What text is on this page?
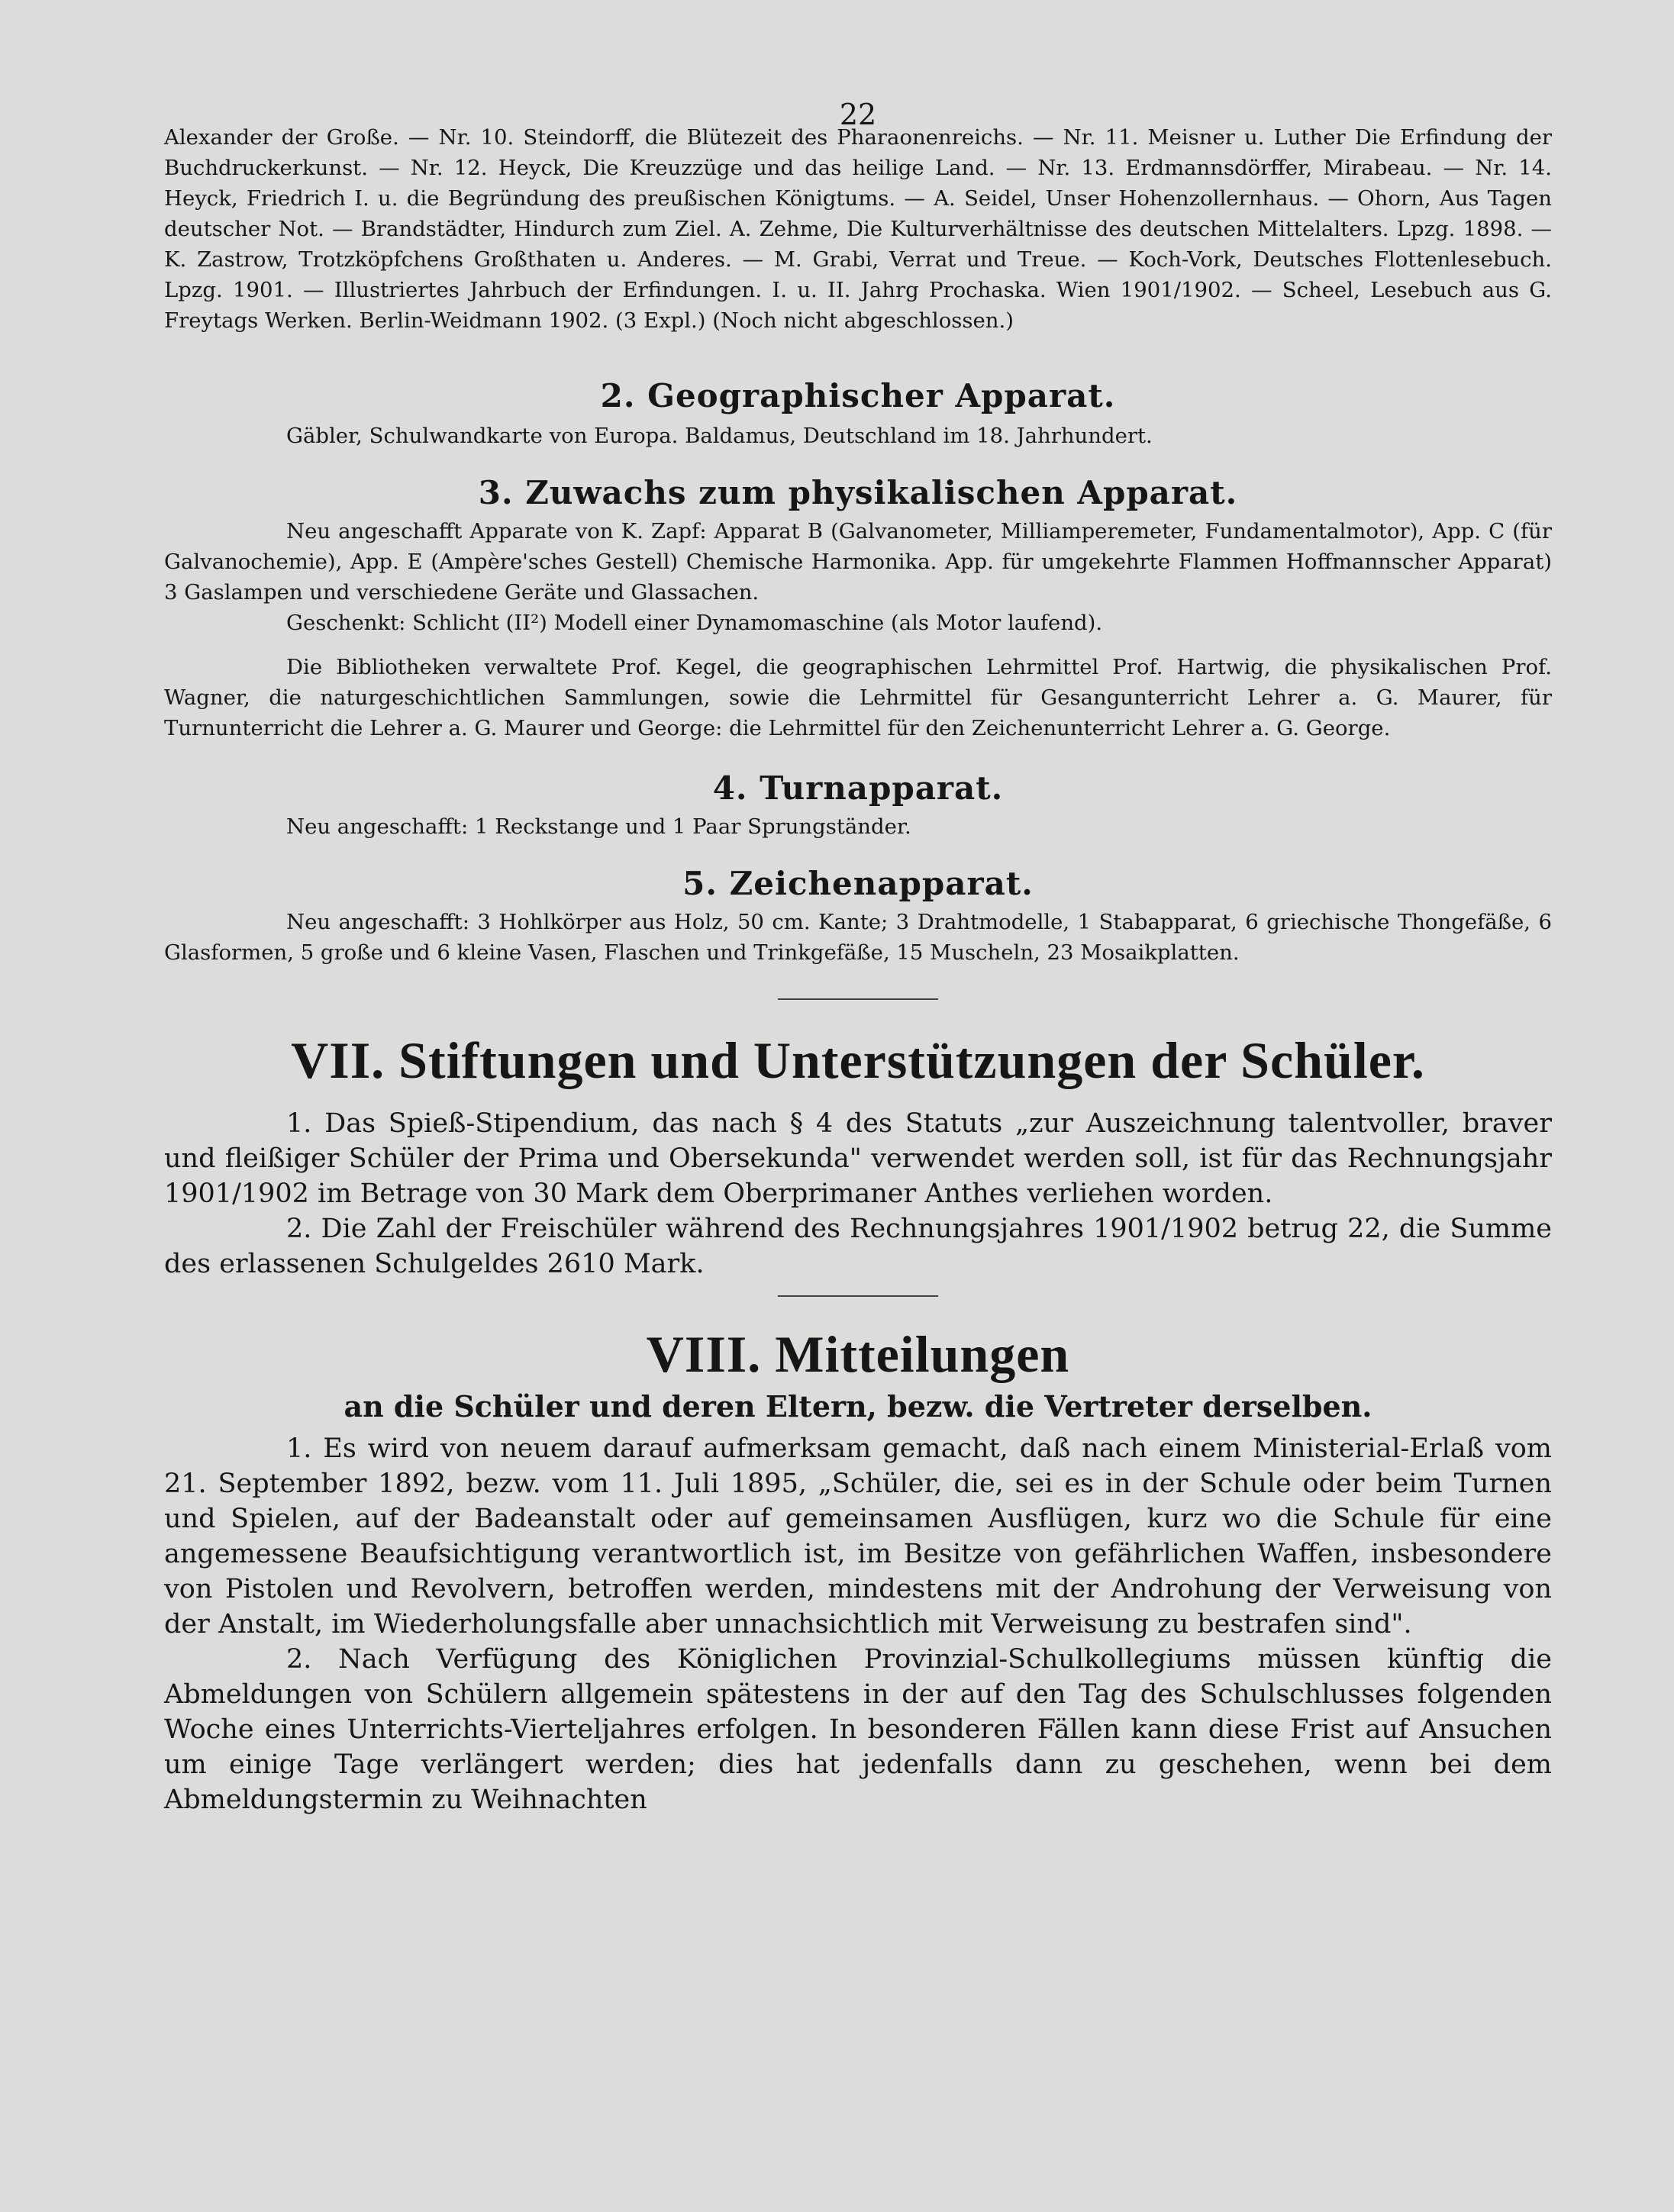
22

Alexander der Große. — Nr. 10. Steindorff, die Blütezeit des Pharaonenreichs. — Nr. 11. Meisner u. Luther Die Erfindung der Buchdruckerkunst. — Nr. 12. Heyck, Die Kreuzzüge und das heilige Land. — Nr. 13. Erdmannsdörffer, Mirabeau. — Nr. 14. Heyck, Friedrich I. u. die Begründung des preußischen Königtums. — A. Seidel, Unser Hohenzollernhaus. — Ohorn, Aus Tagen deutscher Not. — Brandstädter, Hindurch zum Ziel. A. Zehme, Die Kulturverhältnisse des deutschen Mittelalters. Lpzg. 1898. — K. Zastrow, Trotzköpfchens Großthaten u. Anderes. — M. Grabi, Verrat und Treue. — Koch-Vork, Deutsches Flottenlesebuch. Lpzg. 1901. — Illustriertes Jahrbuch der Erfindungen. I. u. II. Jahrg Prochaska. Wien 1901/1902. — Scheel, Lesebuch aus G. Freytags Werken. Berlin-Weidmann 1902. (3 Expl.) (Noch nicht abgeschlossen.)

2. Geographischer Apparat.

Gäbler, Schulwandkarte von Europa. Baldamus, Deutschland im 18. Jahrhundert.

3. Zuwachs zum physikalischen Apparat.

Neu angeschafft Apparate von K. Zapf: Apparat B (Galvanometer, Milliamperemeter, Fundamentalmotor), App. C (für Galvanochemie), App. E (Ampère'sches Gestell) Chemische Harmonika. App. für umgekehrte Flammen Hoffmannscher Apparat) 3 Gaslampen und verschiedene Geräte und Glassachen.

Geschenkt: Schlicht (II²) Modell einer Dynamomaschine (als Motor laufend).

Die Bibliotheken verwaltete Prof. Kegel, die geographischen Lehrmittel Prof. Hartwig, die physikalischen Prof. Wagner, die naturgeschichtlichen Sammlungen, sowie die Lehrmittel für Gesangunterricht Lehrer a. G. Maurer, für Turnunterricht die Lehrer a. G. Maurer und George: die Lehrmittel für den Zeichenunterricht Lehrer a. G. George.

4. Turnapparat.

Neu angeschafft: 1 Reckstange und 1 Paar Sprungständer.

5. Zeichenapparat.

Neu angeschafft: 3 Hohlkörper aus Holz, 50 cm. Kante; 3 Drahtmodelle, 1 Stabapparat, 6 griechische Thongefäße, 6 Glasformen, 5 große und 6 kleine Vasen, Flaschen und Trinkgefäße, 15 Muscheln, 23 Mosaikplatten.

VII. Stiftungen und Unterstützungen der Schüler.

1. Das Spieß-Stipendium, das nach § 4 des Statuts „zur Auszeichnung talentvoller, braver und fleißiger Schüler der Prima und Obersekunda" verwendet werden soll, ist für das Rechnungsjahr 1901/1902 im Betrage von 30 Mark dem Oberprimaner Anthes verliehen worden.

2. Die Zahl der Freischüler während des Rechnungsjahres 1901/1902 betrug 22, die Summe des erlassenen Schulgeldes 2610 Mark.

VIII. Mitteilungen
an die Schüler und deren Eltern, bezw. die Vertreter derselben.

1. Es wird von neuem darauf aufmerksam gemacht, daß nach einem Ministerial-Erlaß vom 21. September 1892, bezw. vom 11. Juli 1895, „Schüler, die, sei es in der Schule oder beim Turnen und Spielen, auf der Badeanstalt oder auf gemeinsamen Ausflügen, kurz wo die Schule für eine angemessene Beaufsichtigung verantwortlich ist, im Besitze von gefährlichen Waffen, insbesondere von Pistolen und Revolvern, betroffen werden, mindestens mit der Androhung der Verweisung von der Anstalt, im Wiederholungsfalle aber unnachsichtlich mit Verweisung zu bestrafen sind".

2. Nach Verfügung des Königlichen Provinzial-Schulkollegiums müssen künftig die Abmeldungen von Schülern allgemein spätestens in der auf den Tag des Schulschlusses folgenden Woche eines Unterrichts-Vierteljahres erfolgen. In besonderen Fällen kann diese Frist auf Ansuchen um einige Tage verlängert werden; dies hat jedenfalls dann zu geschehen, wenn bei dem Abmeldungstermin zu Weihnachten
